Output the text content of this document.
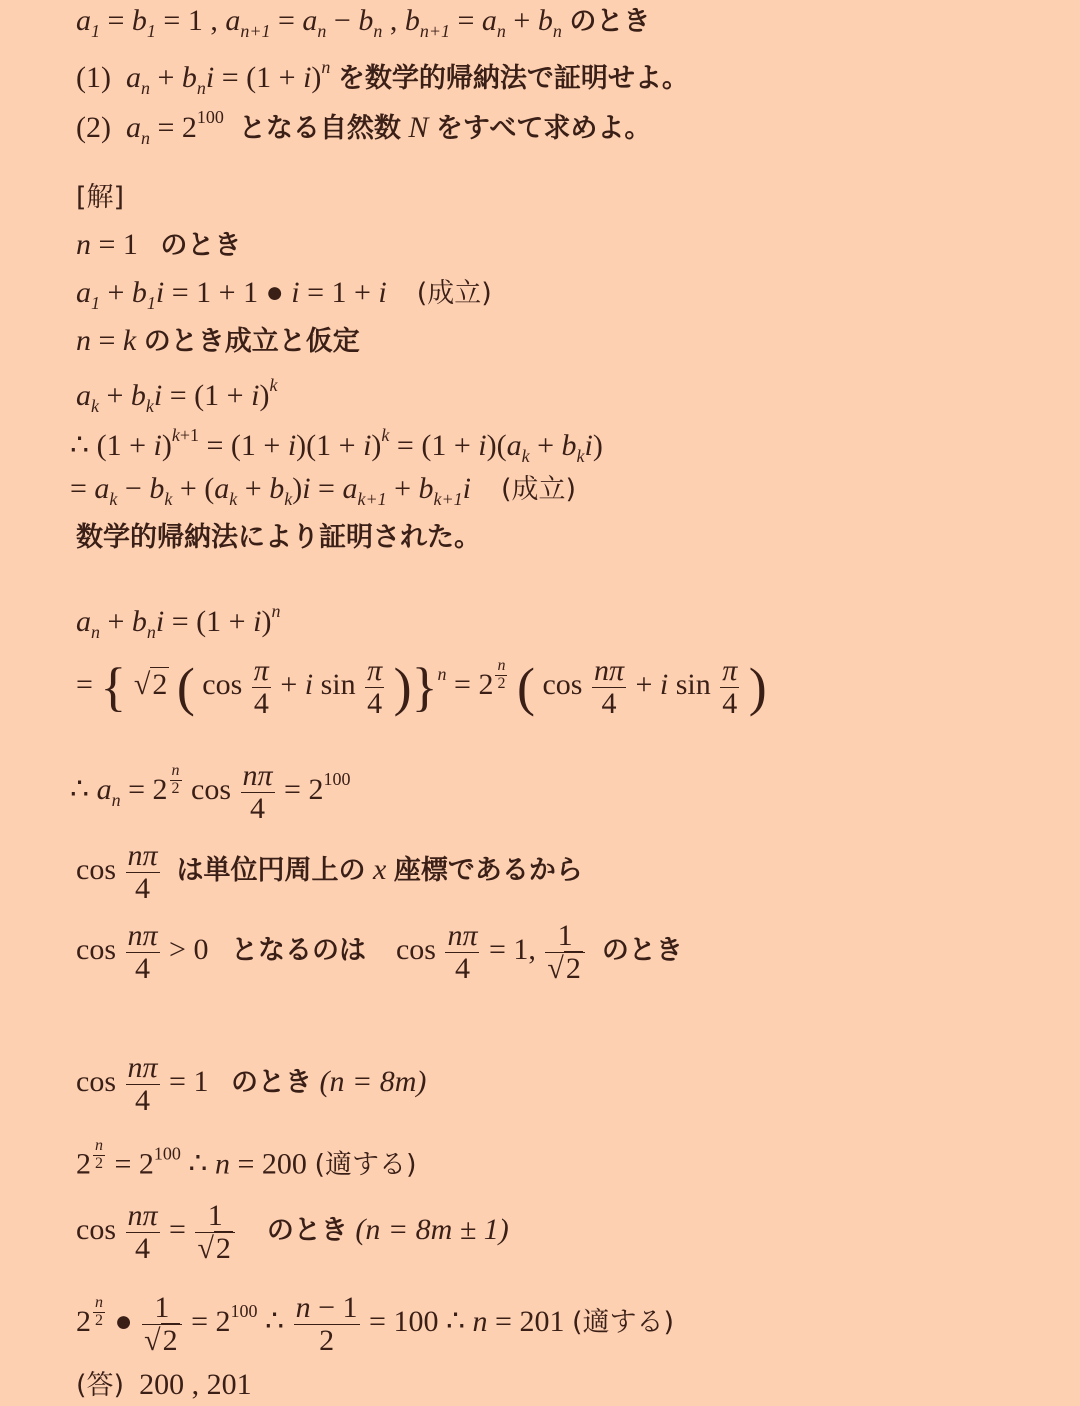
$a_1 = b_1 = 1$ , $a_{n+1} = a_n - b_n$ , $b_{n+1} = a_n + b_n$ のとき
(1) $a_n + b_ni = (1 + i)^n$ を数学的帰納法で証明せよ。
(2) $a_n = 2^{100}$ となる自然数 N をすべて求めよ。
[解]
n = 1   のとき
$a_1 + b_1i = 1 + 1$ ● i = 1 + i (成立)
n = k のとき成立と仮定
$a_k + b_ki = (1 + i)^k$
∴ $(1 + i)^{k+1} = (1 + i)(1 + i)^k = (1 + i)(a_k + b_ki)$
= $a_k - b_k + (a_k + b_k)i = a_{k+1} + b_{k+1}i$ (成立)
数学的帰納法により証明された。
$a_n + b_ni = (1 + i)^n$
= { √2 ( $\cos \frac{\pi}{4} + i$ $\sin \frac{\pi}{4} )\}^n = 2$ $^{\frac{n}{2}}$ ( $\cos \frac{n\pi}{4} + i$ $\sin \frac{\pi}{4}$ )
∴ $a_n = 2$ $^{\frac{n}{2}}$ $\cos \frac{n\pi}{4} = 2^{100}$
$\cos \frac{n\pi}{4}$ は単位円周上の x 座標であるから
$\cos \frac{n\pi}{4} > 0$   となるのは    $\cos \frac{n\pi}{4} = 1$, $\frac{1}{√2}$ のとき
$\cos \frac{n\pi}{4} = 1$   のとき (n = 8m)
2 $^{\frac{n}{2}} = 2^{100}$ ∴ n = 200 (適する)
$\cos \frac{n\pi}{4} = \frac{1}{√2}$ のとき (n = 8m ± 1)
2 $^{\frac{n}{2}}$ ● $\frac{1}{√2} = 2^{100}$ ∴ $\frac{n - 1}{2} = 100$ ∴ n = 201 (適する)
(答) 200 , 201
